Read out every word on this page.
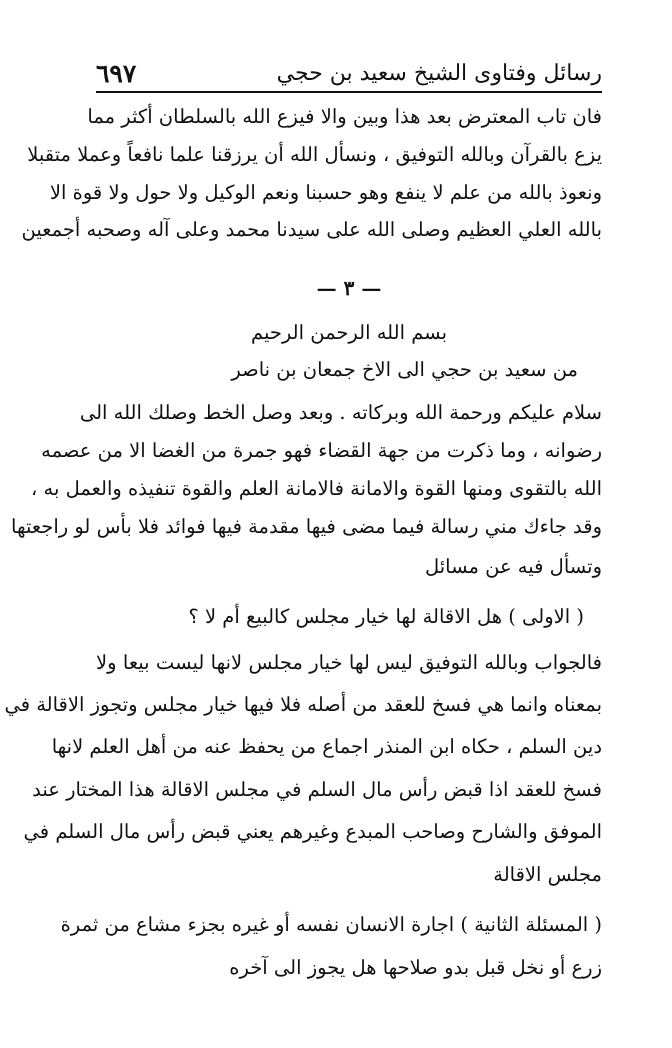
رسائل وفتاوى الشيخ سعيد بن حجي
٦٩٧
فان تاب المعترض بعد هذا وبين والا فيزع الله بالسلطان أكثر مما
يزع بالقرآن وبالله التوفيق ، ونسأل الله أن يرزقنا علما نافعاً وعملا متقبلا
ونعوذ بالله من علم لا ينفع وهو حسبنا ونعم الوكيل ولا حول ولا قوة الا
بالله العلي العظيم وصلى الله على سيدنا محمد وعلى آله وصحبه أجمعين
— ٣ —
بسم الله الرحمن الرحيم
من سعيد بن حجي الى الاخ جمعان بن ناصر
سلام عليكم ورحمة الله وبركاته . وبعد وصل الخط وصلك الله الى
رضوانه ، وما ذكرت من جهة القضاء فهو جمرة من الغضا الا من عصمه
الله بالتقوى ومنها القوة والامانة فالامانة العلم والقوة تنفيذه والعمل به ،
وقد جاءك مني رسالة فيما مضى فيها مقدمة فيها فوائد فلا بأس لو راجعتها
وتسأل فيه عن مسائل
( الاولى ) هل الاقالة لها خيار مجلس كالبيع أم لا ؟
فالجواب وبالله التوفيق ليس لها خيار مجلس لانها ليست بيعا ولا
بمعناه وانما هي فسخ للعقد من أصله فلا فيها خيار مجلس وتجوز الاقالة في
دين السلم ، حكاه ابن المنذر اجماع من يحفظ عنه من أهل العلم لانها
فسخ للعقد اذا قبض رأس مال السلم في مجلس الاقالة هذا المختار عند
الموفق والشارح وصاحب المبدع وغيرهم يعني قبض رأس مال السلم في
مجلس الاقالة
( المسئلة الثانية ) اجارة الانسان نفسه أو غيره بجزء مشاع من ثمرة
زرع أو نخل قبل بدو صلاحها هل يجوز الى آخره
